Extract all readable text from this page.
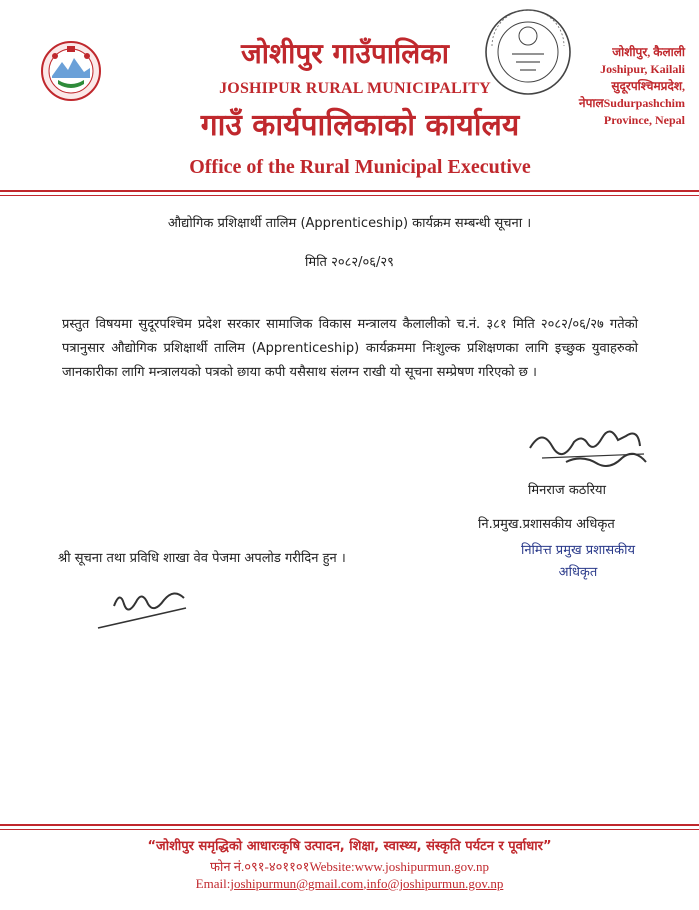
जोशीपुर गाउँपालिका
JOSHIPUR RURAL MUNICIPALITY
गाउँ कार्यपालिकाको कार्यालय
Office of the Rural Municipal Executive
जोशीपुर, कैलाली
Joshipur, Kailali
सुदूरपश्चिमप्रदेश,
नेपालSudurpashchim
Province, Nepal
औद्योगिक प्रशिक्षार्थी तालिम (Apprenticeship) कार्यक्रम सम्बन्धी सूचना ।
मिति २०८२/०६/२९
प्रस्तुत विषयमा सुदूरपश्चिम प्रदेश सरकार सामाजिक विकास मन्त्रालय कैलालीको च.नं. ३८१ मिति २०८२/०६/२७ गतेको पत्रानुसार औद्योगिक प्रशिक्षार्थी तालिम (Apprenticeship) कार्यक्रममा निःशुल्क प्रशिक्षणका लागि इच्छुक युवाहरुको जानकारीका लागि मन्त्रालयको पत्रको छाया कपी यसैसाथ संलग्न राखी यो सूचना सम्प्रेषण गरिएको छ ।
मिनराज कठरिया
नि.प्रमुख.प्रशासकीय अधिकृत
निमित्त प्रमुख प्रशासकीय
अधिकृत
श्री सूचना तथा प्रविधि शाखा वेव पेजमा अपलोड गरीदिन हुन ।
“जोशीपुर समृद्धिको आधारःकृषि उत्पादन, शिक्षा, स्वास्थ्य, संस्कृति पर्यटन र पूर्वाधार”
फोन नं.०९१-४०११०१Website:www.joshipurmun.gov.np
Email:joshipurmun@gmail.com,info@joshipurmun.gov.np
